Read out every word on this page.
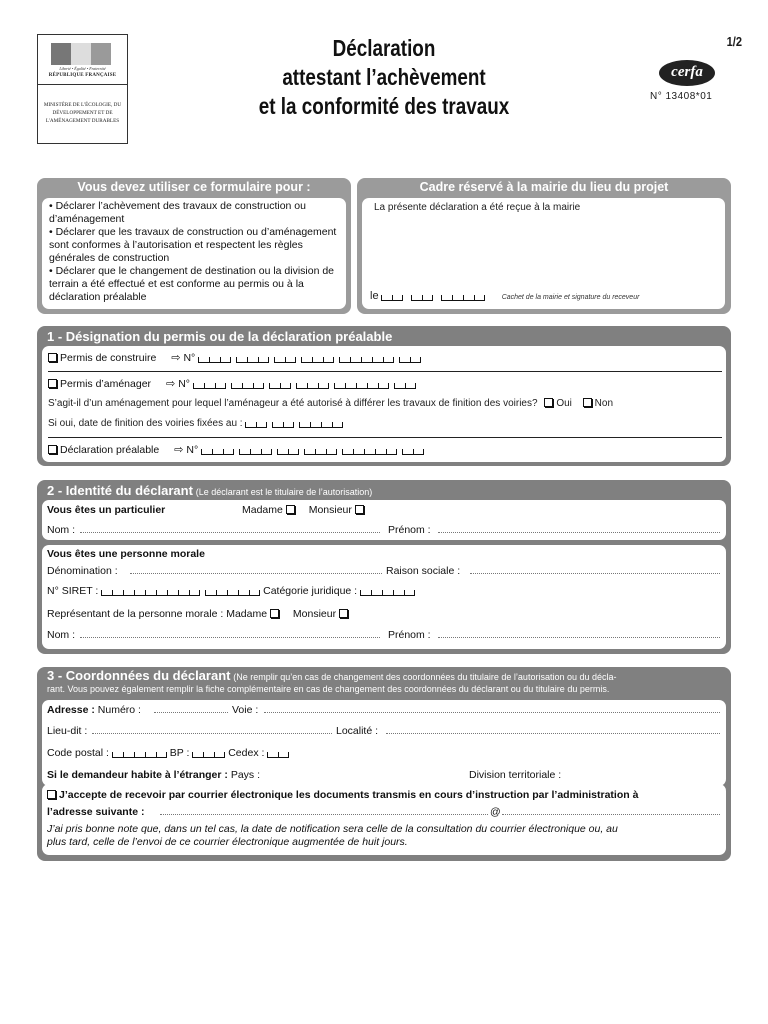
Liberté • Égalité • Fraternité
RÉPUBLIQUE FRANÇAISE
MINISTÈRE DE L'ÉCOLOGIE, DU DÉVELOPPEMENT ET DE L'AMÉNAGEMENT DURABLES
Déclaration
attestant l’achèvement
et la conformité des travaux
1/2
cerfa
N° 13408*01
Vous devez utiliser ce formulaire pour :
• Déclarer l’achèvement des travaux de construction ou d’aménagement
• Déclarer que les travaux de construction ou d’aménagement sont conformes à l’autorisation et respectent les règles générales de construction
• Déclarer que le changement de destination ou la division de terrain a été effectué et est conforme au permis ou à la déclaration préalable
Cadre réservé à la mairie du lieu du projet
La présente déclaration a été reçue à la mairie
le	Cachet de la mairie et signature du receveur
1 - Désignation du permis ou de la déclaration préalable
Permis de construire ⇨ N°
Permis d’aménager ⇨ N°
S’agit-il d’un aménagement pour lequel l’aménageur a été autorisé à différer les travaux de finition des voiries? Oui Non
Si oui, date de finition des voiries fixées au :
Déclaration préalable ⇨ N°
2 - Identité du déclarant (Le déclarant est le titulaire de l’autorisation)
Vous êtes un particulier	Madame Monsieur
Nom :	Prénom :
Vous êtes une personne morale
Dénomination :	Raison sociale :
N° SIRET :	Catégorie juridique :
Représentant de la personne morale : Madame Monsieur
Nom :	Prénom :
3 - Coordonnées du déclarant (Ne remplir qu’en cas de changement des coordonnées du titulaire de l’autorisation ou du décla-
rant. Vous pouvez également remplir la fiche complémentaire en cas de changement des coordonnées du déclarant ou du titulaire du permis.
Adresse : Numéro :	Voie :
Lieu-dit :	Localité :
Code postal :	BP :	Cedex :
Si le demandeur habite à l’étranger : Pays :	Division territoriale :
J’accepte de recevoir par courrier électronique les documents transmis en cours d’instruction par l’administration à
l’adresse suivante :	@
J’ai pris bonne note que, dans un tel cas, la date de notification sera celle de la consultation du courrier électronique ou, au
plus tard, celle de l’envoi de ce courrier électronique augmentée de huit jours.
